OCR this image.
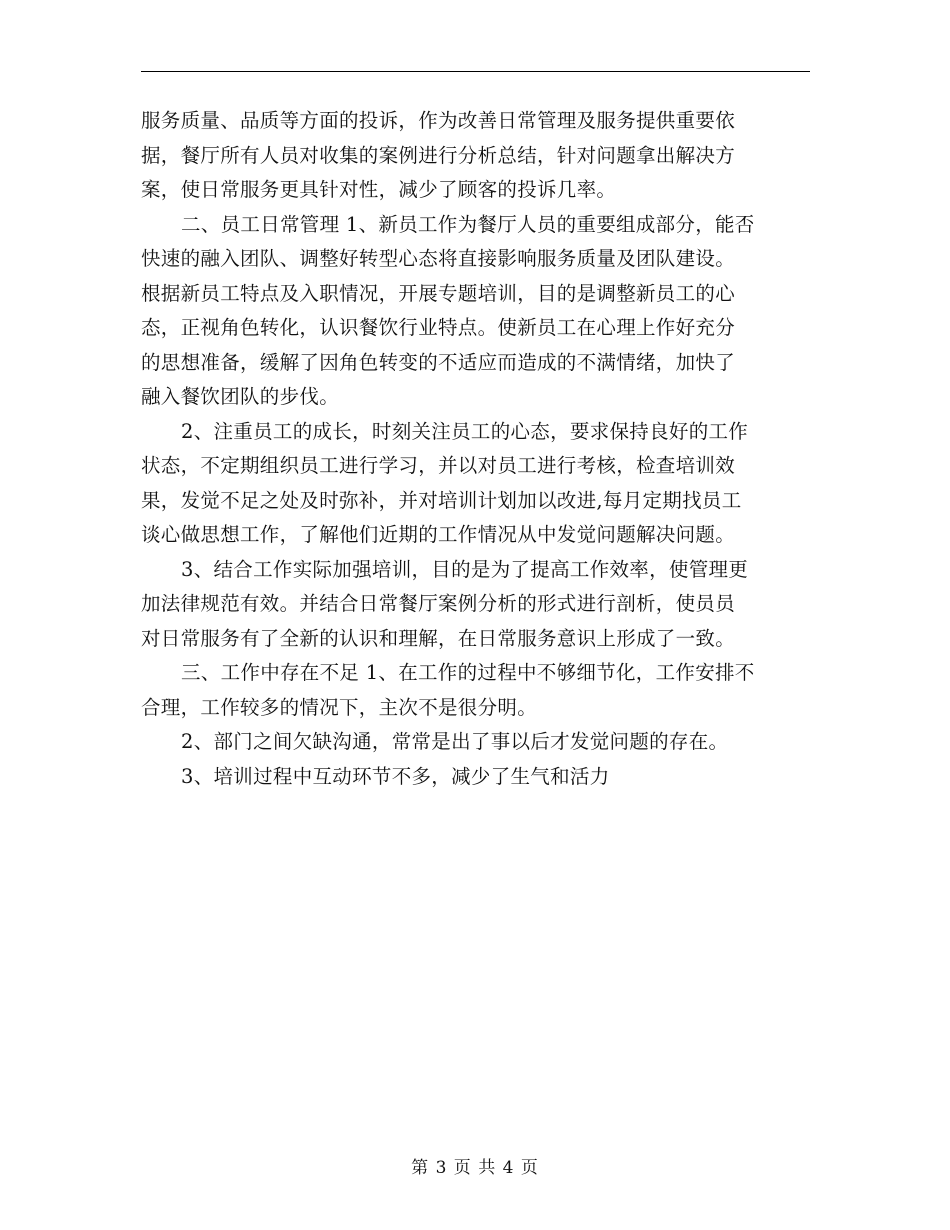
服务质量、品质等方面的投诉，作为改善日常管理及服务提供重要依
据，餐厅所有人员对收集的案例进行分析总结，针对问题拿出解决方
案，使日常服务更具针对性，减少了顾客的投诉几率。
二、员工日常管理 1、新员工作为餐厅人员的重要组成部分，能否
快速的融入团队、调整好转型心态将直接影响服务质量及团队建设。
根据新员工特点及入职情况，开展专题培训，目的是调整新员工的心
态，正视角色转化，认识餐饮行业特点。使新员工在心理上作好充分
的思想准备，缓解了因角色转变的不适应而造成的不满情绪，加快了
融入餐饮团队的步伐。
2、注重员工的成长，时刻关注员工的心态，要求保持良好的工作
状态，不定期组织员工进行学习，并以对员工进行考核，检查培训效
果，发觉不足之处及时弥补，并对培训计划加以改进,每月定期找员工
谈心做思想工作，了解他们近期的工作情况从中发觉问题解决问题。
3、结合工作实际加强培训，目的是为了提高工作效率，使管理更
加法律规范有效。并结合日常餐厅案例分析的形式进行剖析，使员员
对日常服务有了全新的认识和理解，在日常服务意识上形成了一致。
三、工作中存在不足 1、在工作的过程中不够细节化，工作安排不
合理，工作较多的情况下，主次不是很分明。
2、部门之间欠缺沟通，常常是出了事以后才发觉问题的存在。
3、培训过程中互动环节不多，减少了生气和活力
第 3 页 共 4 页
